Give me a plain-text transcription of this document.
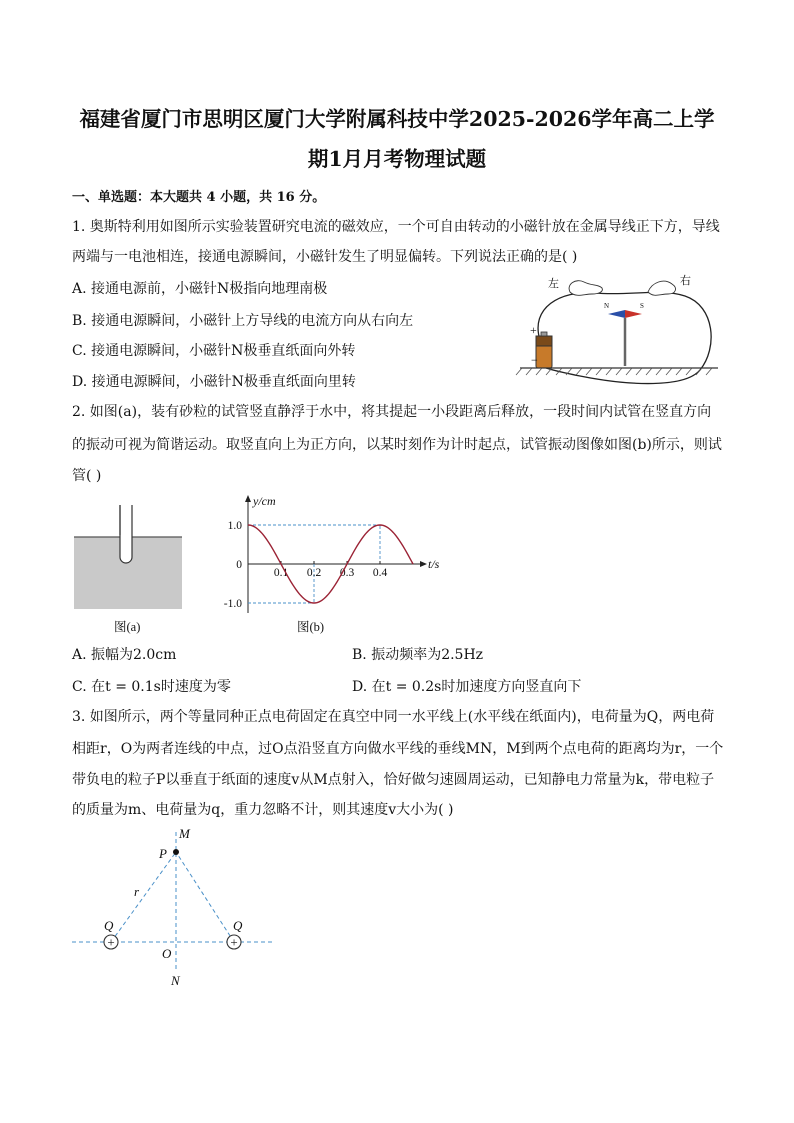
福建省厦门市思明区厦门大学附属科技中学2025-2026学年高二上学
期1月月考物理试题
一、单选题：本大题共 4 小题，共 16 分。
1. 奥斯特利用如图所示实验装置研究电流的磁效应，一个可自由转动的小磁针放在金属导线正下方，导线
两端与一电池相连，接通电源瞬间，小磁针发生了明显偏转。下列说法正确的是( )
A. 接通电源前，小磁针N极指向地理南极
B. 接通电源瞬间，小磁针上方导线的电流方向从右向左
C. 接通电源瞬间，小磁针N极垂直纸面向外转
D. 接通电源瞬间，小磁针N极垂直纸面向里转
+
−
N	S
左	右
2. 如图(a)，装有砂粒的试管竖直静浮于水中，将其提起一小段距离后释放，一段时间内试管在竖直方向
的振动可视为简谐运动。取竖直向上为正方向，以某时刻作为计时起点，试管振动图像如图(b)所示，则试
管( )
图(a)
y/cm
t/s
1.0
0
-1.0
0.1 0.2 0.3 0.4
图(b)
A. 振幅为2.0cm	B. 振动频率为2.5Hz
C. 在t = 0.1s时速度为零	D. 在t = 0.2s时加速度方向竖直向下
3. 如图所示，两个等量同种正点电荷固定在真空中同一水平线上(水平线在纸面内)，电荷量为Q，两电荷
相距r，O为两者连线的中点，过O点沿竖直方向做水平线的垂线MN，M到两个点电荷的距离均为r，一个
带负电的粒子P以垂直于纸面的速度v从M点射入，恰好做匀速圆周运动，已知静电力常量为k，带电粒子
的质量为m、电荷量为q，重力忽略不计，则其速度v大小为( )
+	+
M
P
r
Q	Q
O
N
